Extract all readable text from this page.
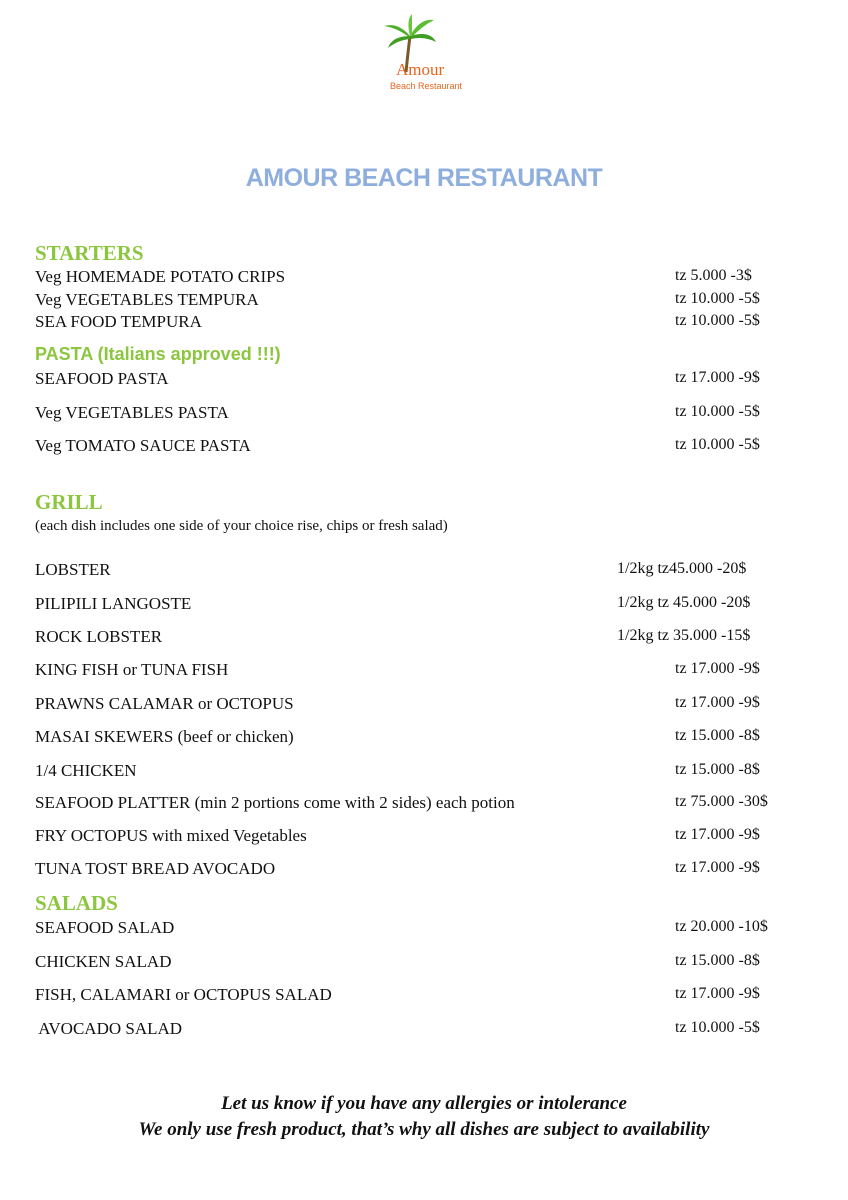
Amour
Beach Restaurant
AMOUR BEACH RESTAURANT
STARTERS
Veg HOMEMADE POTATO CRIPS	tz 5.000 -3$
Veg VEGETABLES TEMPURA	tz 10.000 -5$
SEA FOOD TEMPURA	tz 10.000 -5$
PASTA (Italians approved !!!)
SEAFOOD PASTA	tz 17.000 -9$
Veg VEGETABLES PASTA	tz 10.000 -5$
Veg TOMATO SAUCE PASTA	tz 10.000 -5$
GRILL
(each dish includes one side of your choice rise, chips or fresh salad)
LOBSTER	1/2kg tz45.000 -20$
PILIPILI LANGOSTE	1/2kg tz 45.000 -20$
ROCK LOBSTER	1/2kg tz 35.000 -15$
KING FISH or TUNA FISH	tz 17.000 -9$
PRAWNS CALAMAR or OCTOPUS	tz 17.000 -9$
MASAI SKEWERS (beef or chicken)	tz 15.000 -8$
1/4 CHICKEN	tz 15.000 -8$
SEAFOOD PLATTER (min 2 portions come with 2 sides) each potion	tz 75.000 -30$
FRY OCTOPUS with mixed Vegetables	tz 17.000 -9$
TUNA TOST BREAD AVOCADO	tz 17.000 -9$
SALADS
SEAFOOD SALAD	tz 20.000 -10$
CHICKEN SALAD	tz 15.000 -8$
FISH, CALAMARI or OCTOPUS SALAD	tz 17.000 -9$
AVOCADO SALAD	tz 10.000 -5$
Let us know if you have any allergies or intolerance
We only use fresh product, that’s why all dishes are subject to availability
